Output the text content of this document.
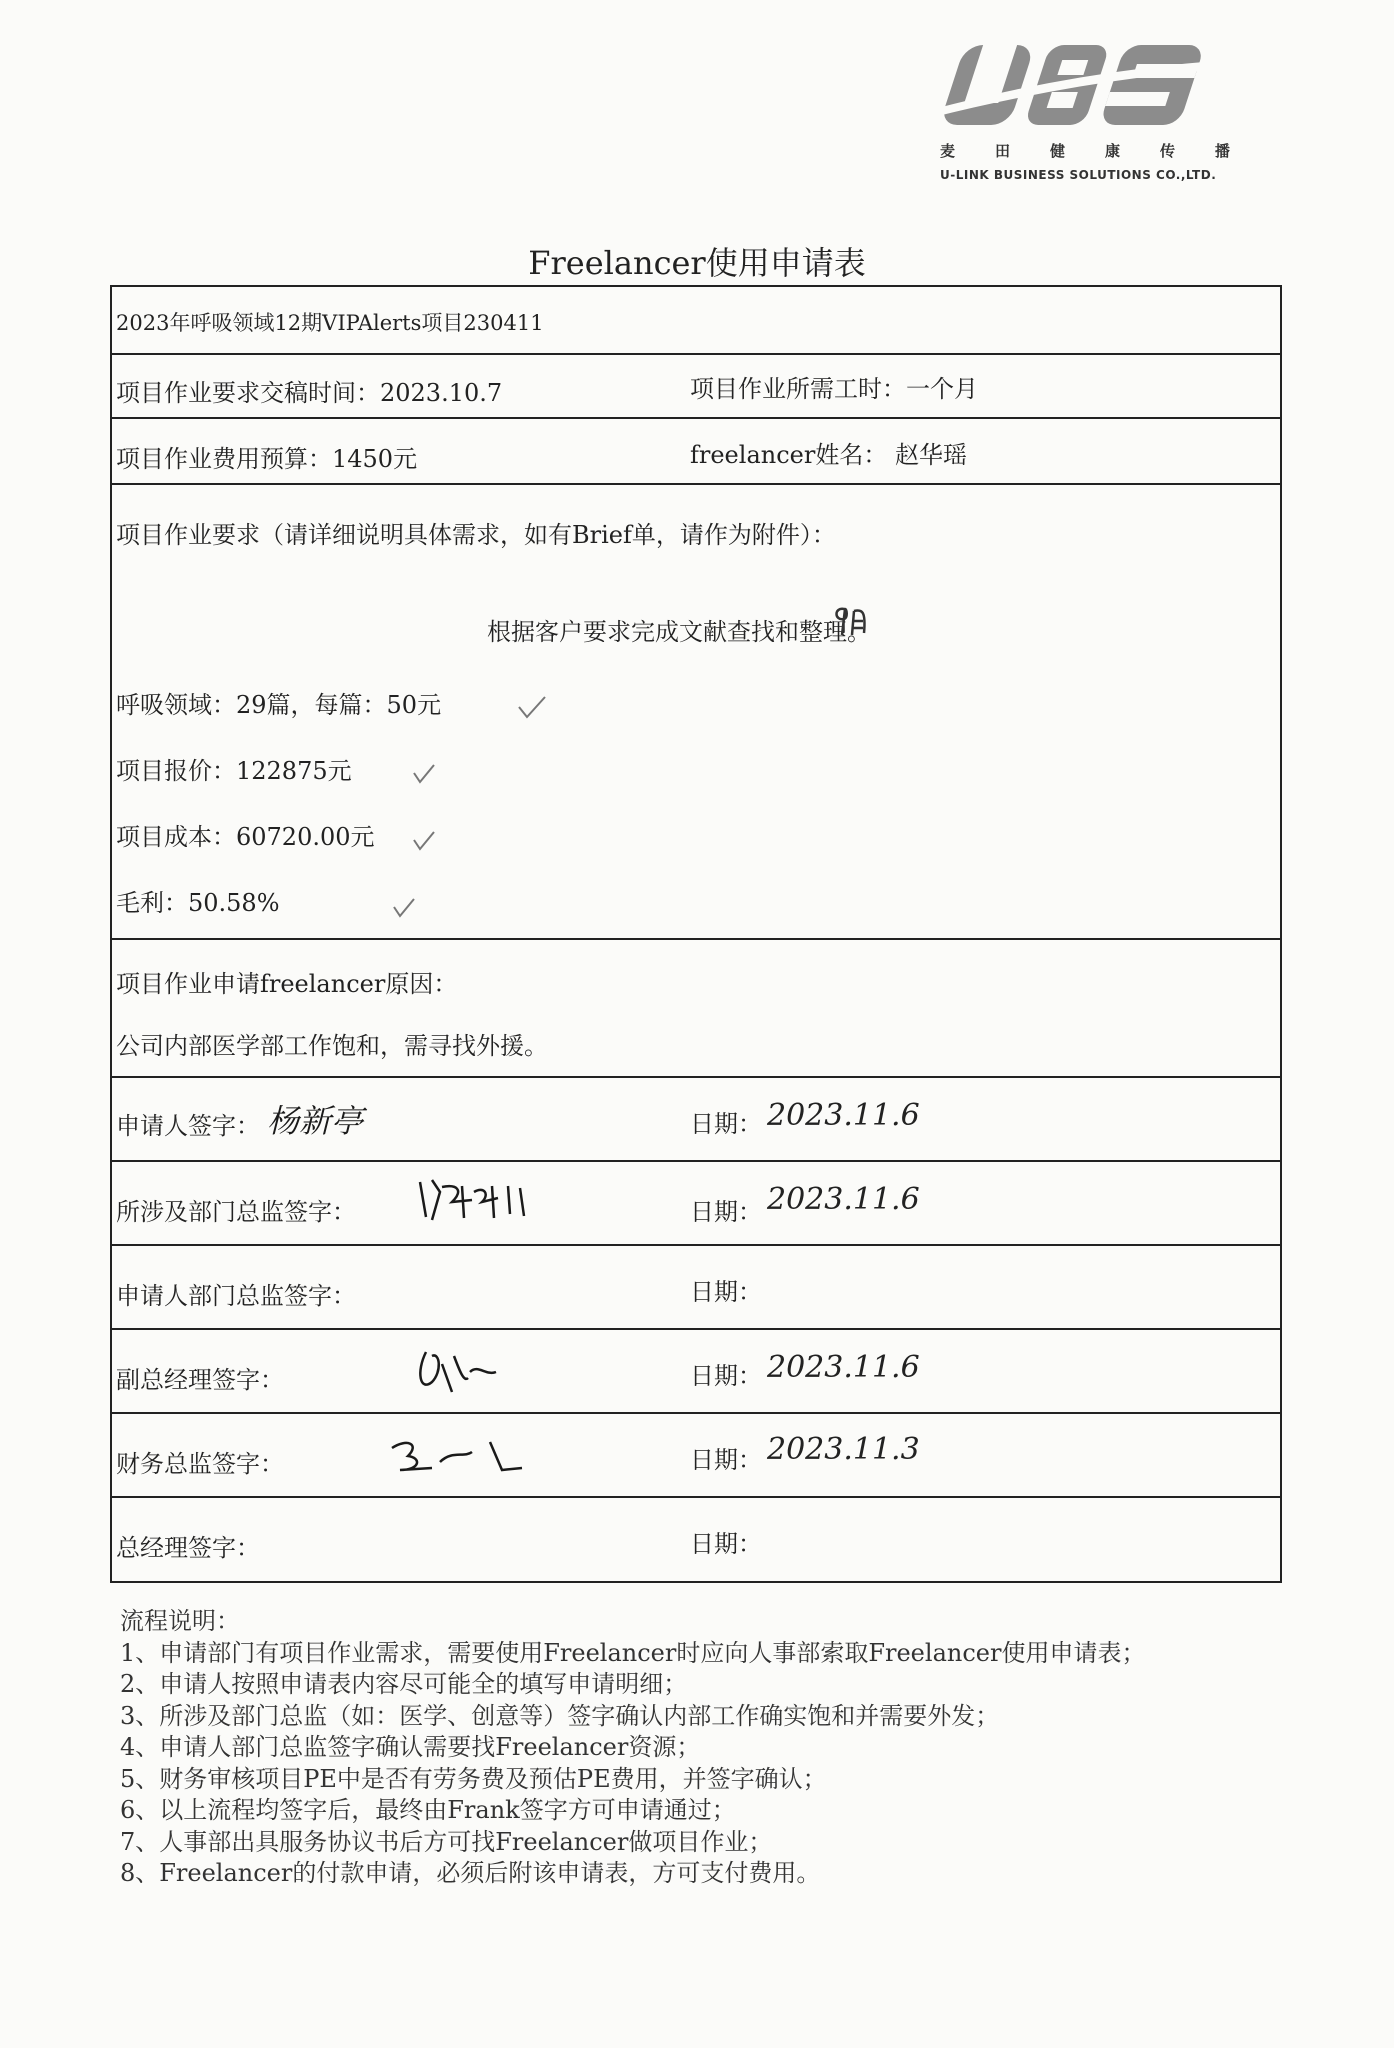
麦	田	健	康	传	播
U-LINK BUSINESS SOLUTIONS CO.,LTD.
Freelancer使用申请表
2023年呼吸领域12期VIPAlerts项目230411
项目作业要求交稿时间：2023.10.7	项目作业所需工时：一个月
项目作业费用预算：1450元	freelancer姓名： 赵华瑶
项目作业要求（请详细说明具体需求，如有Brief单，请作为附件）：
根据客户要求完成文献查找和整理。
呼吸领域：29篇，每篇：50元
项目报价：122875元
项目成本：60720.00元
毛利：50.58%
项目作业申请freelancer原因：
公司内部医学部工作饱和，需寻找外援。
申请人签字： 杨新亭	日期： 2023.11.6
所涉及部门总监签字：	日期： 2023.11.6
申请人部门总监签字：	日期：
副总经理签字：	日期： 2023.11.6
财务总监签字：	日期： 2023.11.3
总经理签字：	日期：
流程说明：
1、申请部门有项目作业需求，需要使用Freelancer时应向人事部索取Freelancer使用申请表；
2、申请人按照申请表内容尽可能全的填写申请明细；
3、所涉及部门总监（如：医学、创意等）签字确认内部工作确实饱和并需要外发；
4、申请人部门总监签字确认需要找Freelancer资源；
5、财务审核项目PE中是否有劳务费及预估PE费用，并签字确认；
6、以上流程均签字后，最终由Frank签字方可申请通过；
7、人事部出具服务协议书后方可找Freelancer做项目作业；
8、Freelancer的付款申请，必须后附该申请表，方可支付费用。
